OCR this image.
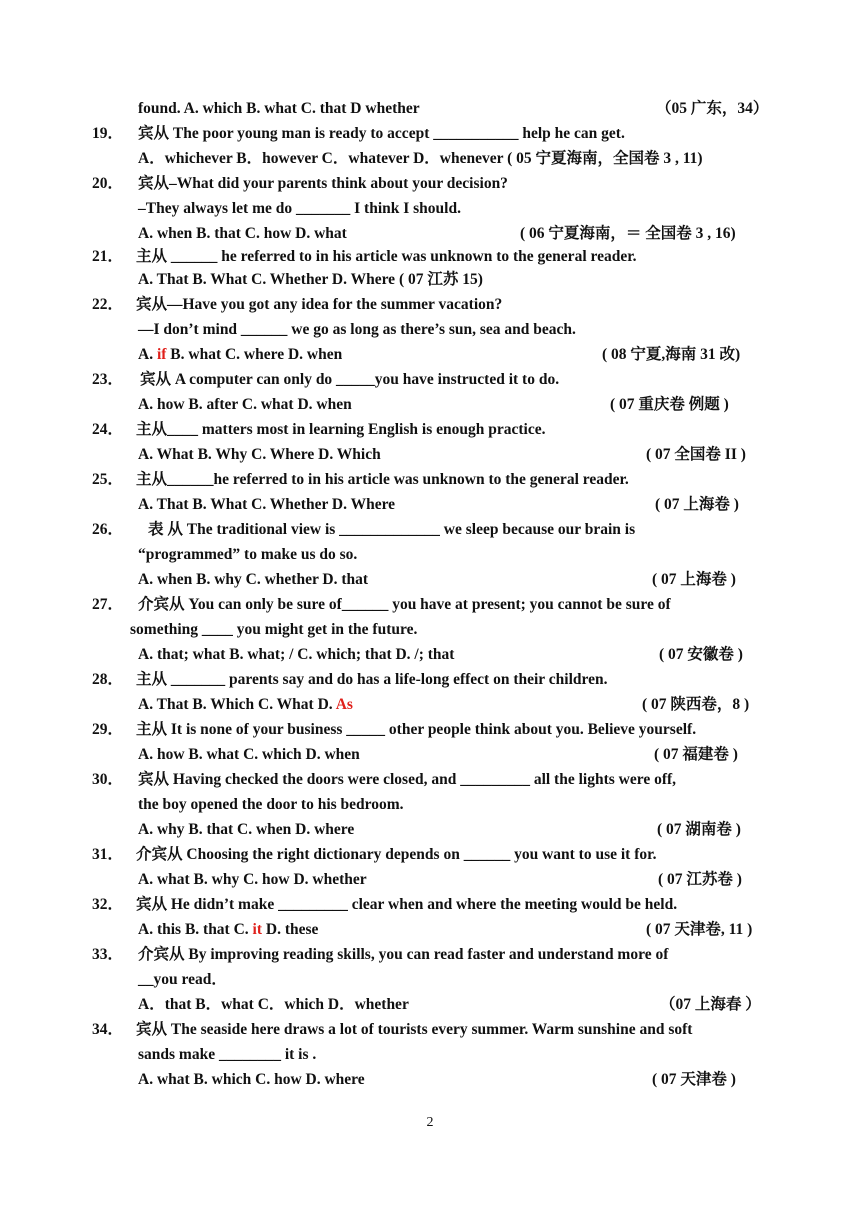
found. A. which B. what C. that D whether	（05 广东，34）
19． 宾从 The poor young man is ready to accept ___________ help he can get.
A．whichever B．however C．whatever D．whenever ( 05 宁夏海南，全国卷 3 , 11)
20． 宾从–What did your parents think about your decision?
–They always let me do _______ I think I should.
A. when B. that C. how D. what	( 06 宁夏海南，＝ 全国卷 3 , 16)
21． 主从 ______ he referred to in his article was unknown to the general reader.
A. That B. What C. Whether D. Where ( 07 江苏 15)
22． 宾从—Have you got any idea for the summer vacation?
—I don’t mind ______ we go as long as there’s sun, sea and beach.
A. if B. what C. where D. when	( 08 宁夏,海南 31 改)
23． 宾从 A computer can only do _____you have instructed it to do.
A. how B. after C. what D. when	( 07 重庆卷 例题 )
24． 主从____ matters most in learning English is enough practice.
A. What B. Why C. Where D. Which	( 07 全国卷 II )
25． 主从______he referred to in his article was unknown to the general reader.
A. That B. What C. Whether D. Where	( 07 上海卷 )
26． 表 从 The traditional view is _____________ we sleep because our brain is
“programmed” to make us do so.
A. when B. why C. whether D. that	( 07 上海卷 )
27． 介宾从 You can only be sure of______ you have at present; you cannot be sure of
something ____ you might get in the future.
A. that; what B. what; / C. which; that D. /; that	( 07 安徽卷 )
28． 主从 _______ parents say and do has a life-long effect on their children.
A. That B. Which C. What D. As	( 07 陕西卷，8 )
29． 主从 It is none of your business _____ other people think about you. Believe yourself.
A. how B. what C. which D. when	( 07 福建卷 )
30． 宾从 Having checked the doors were closed, and _________ all the lights were off,
the boy opened the door to his bedroom.
A. why B. that C. when D. where	( 07 湖南卷 )
31． 介宾从 Choosing the right dictionary depends on ______ you want to use it for.
A. what B. why C. how D. whether	( 07 江苏卷 )
32． 宾从 He didn’t make _________ clear when and where the meeting would be held.
A. this B. that C. it D. these	( 07 天津卷, 11 )
33． 介宾从 By improving reading skills, you can read faster and understand more of
__you read．
A．that B．what C．which D．whether	（07 上海春 ）
34． 宾从 The seaside here draws a lot of tourists every summer. Warm sunshine and soft
sands make ________ it is .
A. what B. which C. how D. where	( 07 天津卷 )
2
